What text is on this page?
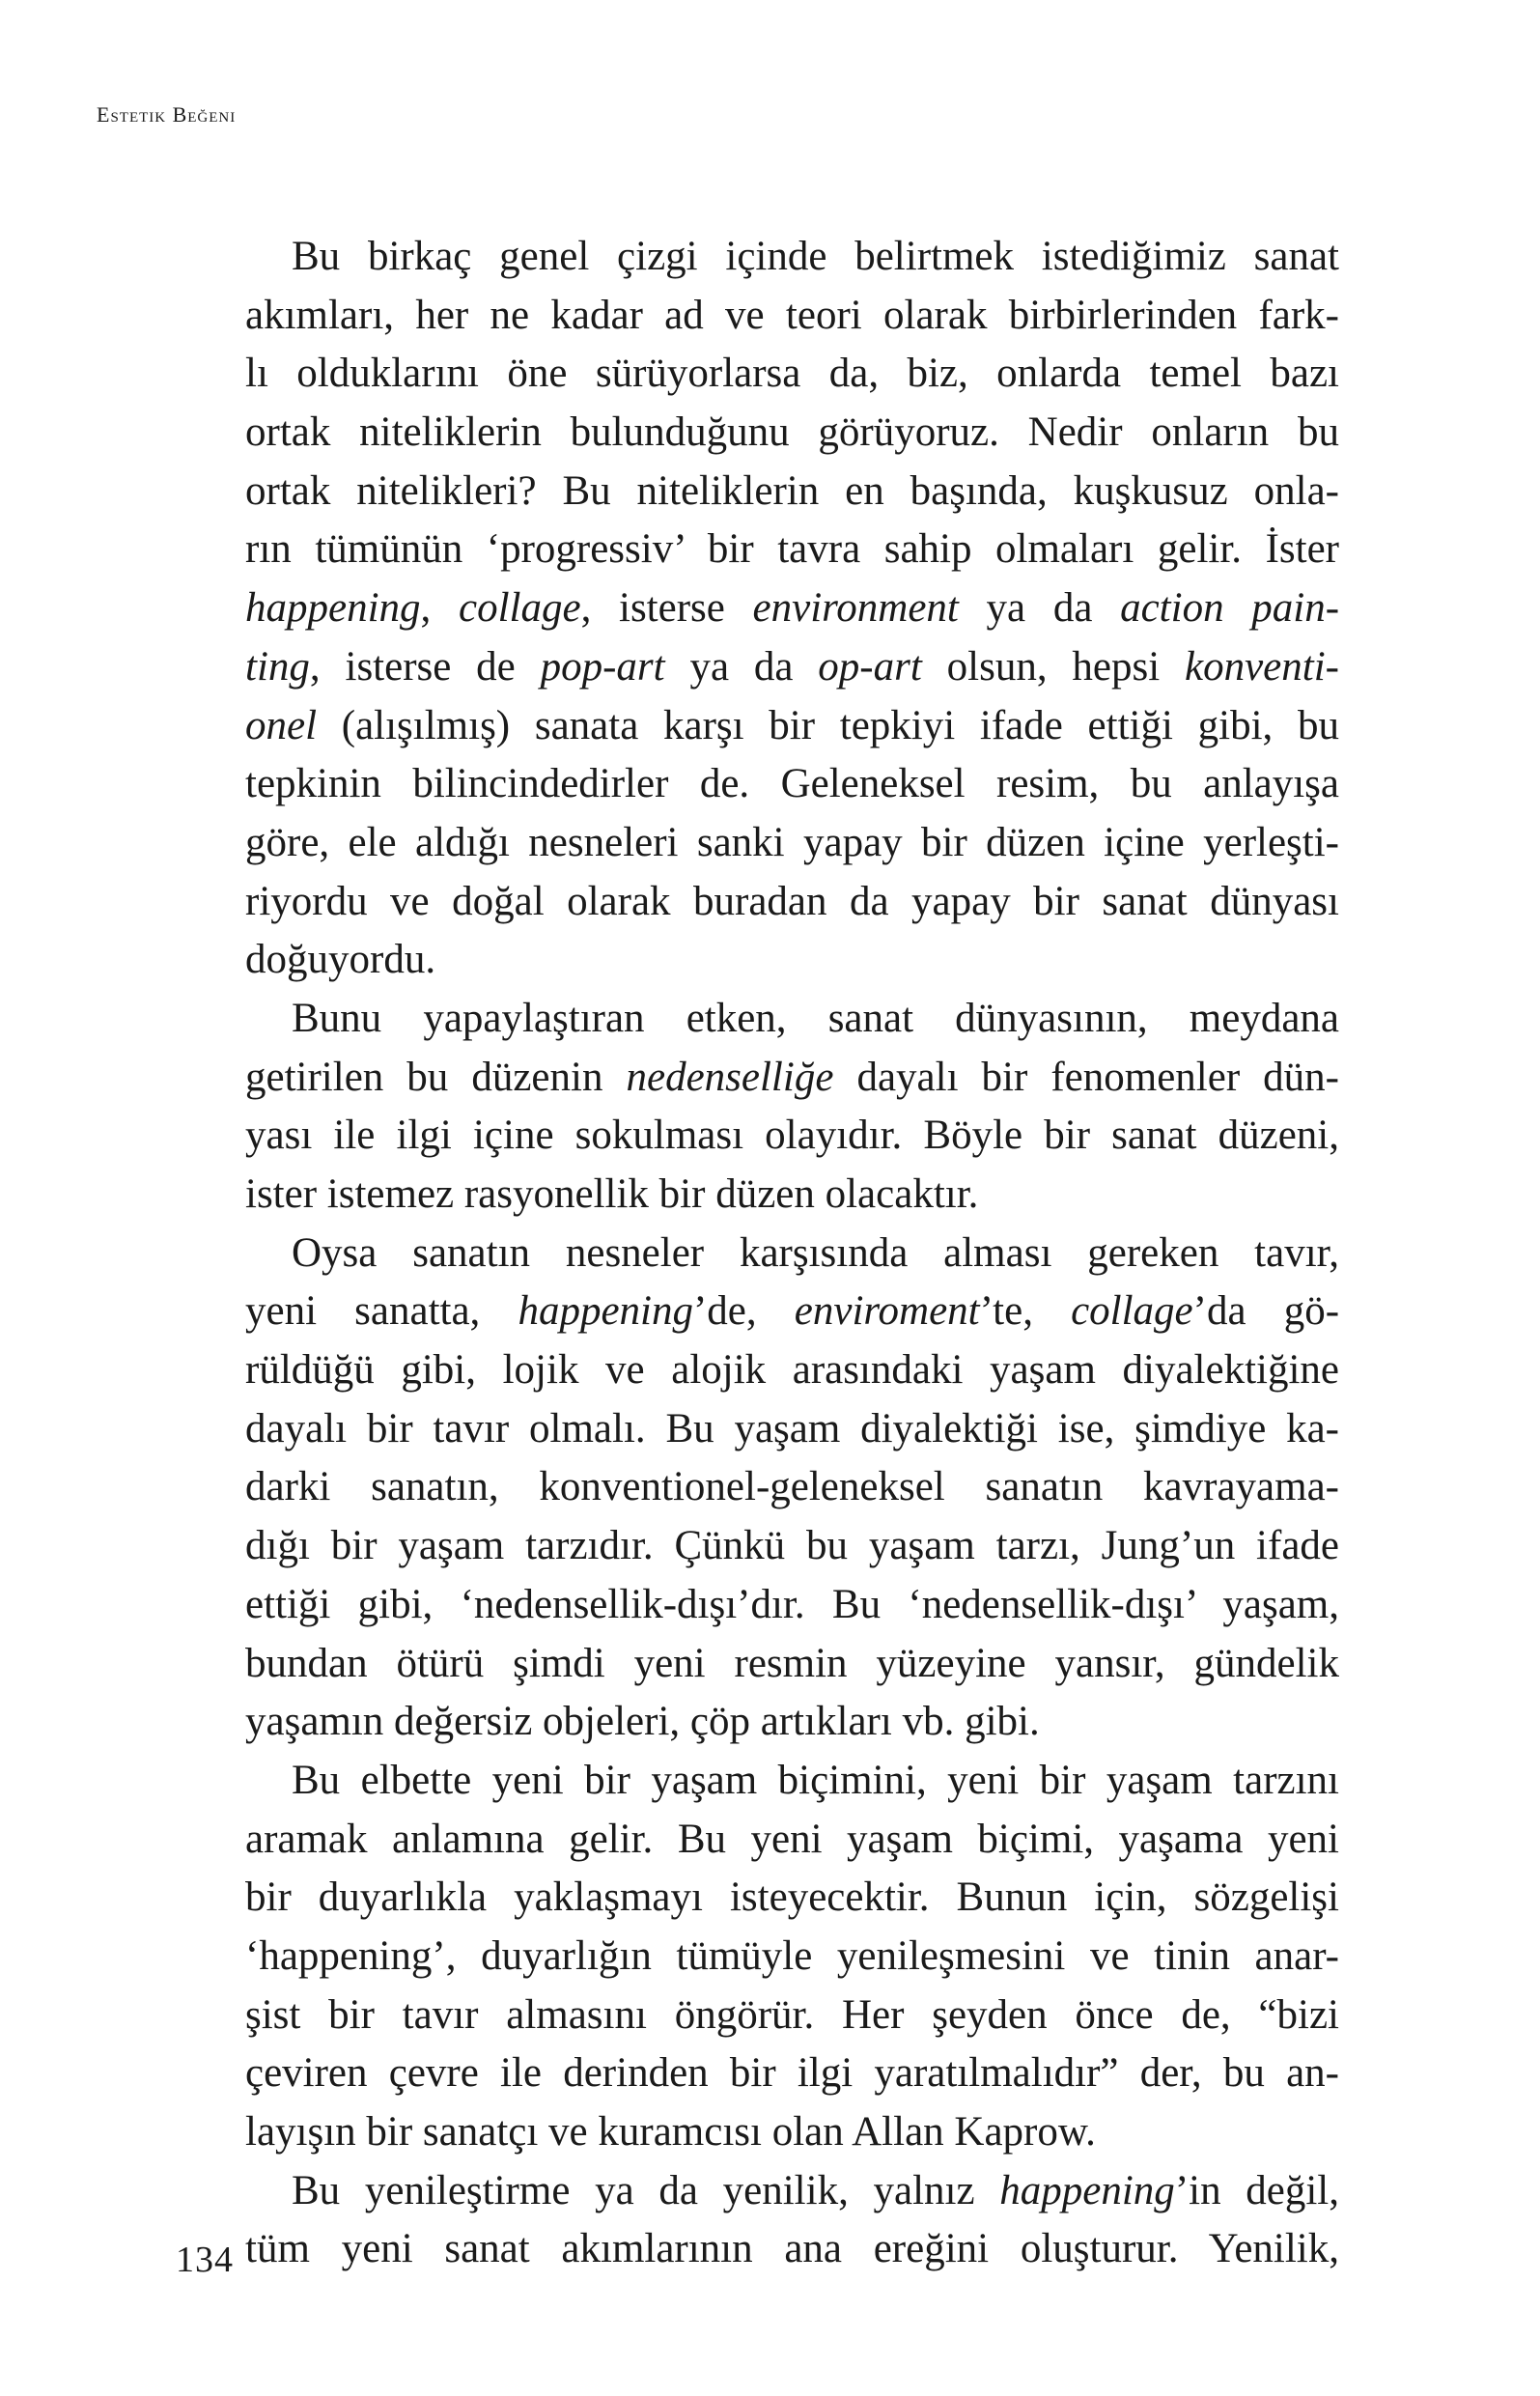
Estetik Beğeni
Bu birkaç genel çizgi içinde belirtmek istediğimiz sanat
akımları, her ne kadar ad ve teori olarak birbirlerinden fark-
lı olduklarını öne sürüyorlarsa da, biz, onlarda temel bazı
ortak niteliklerin bulunduğunu görüyoruz. Nedir onların bu
ortak nitelikleri? Bu niteliklerin en başında, kuşkusuz onla-
rın tümünün ‘progressiv’ bir tavra sahip olmaları gelir. İster
happening, collage, isterse environment ya da action pain-
ting, isterse de pop-art ya da op-art olsun, hepsi konventi-
onel (alışılmış) sanata karşı bir tepkiyi ifade ettiği gibi, bu
tepkinin bilincindedirler de. Geleneksel resim, bu anlayışa
göre, ele aldığı nesneleri sanki yapay bir düzen içine yerleşti-
riyordu ve doğal olarak buradan da yapay bir sanat dünyası
doğuyordu.
Bunu yapaylaştıran etken, sanat dünyasının, meydana
getirilen bu düzenin nedenselliğe dayalı bir fenomenler dün-
yası ile ilgi içine sokulması olayıdır. Böyle bir sanat düzeni,
ister istemez rasyonellik bir düzen olacaktır.
Oysa sanatın nesneler karşısında alması gereken tavır,
yeni sanatta, happening’de, enviroment’te, collage’da gö-
rüldüğü gibi, lojik ve alojik arasındaki yaşam diyalektiğine
dayalı bir tavır olmalı. Bu yaşam diyalektiği ise, şimdiye ka-
darki sanatın, konventionel-geleneksel sanatın kavrayama-
dığı bir yaşam tarzıdır. Çünkü bu yaşam tarzı, Jung’un ifade
ettiği gibi, ‘nedensellik-dışı’dır. Bu ‘nedensellik-dışı’ yaşam,
bundan ötürü şimdi yeni resmin yüzeyine yansır, gündelik
yaşamın değersiz objeleri, çöp artıkları vb. gibi.
Bu elbette yeni bir yaşam biçimini, yeni bir yaşam tarzını
aramak anlamına gelir. Bu yeni yaşam biçimi, yaşama yeni
bir duyarlıkla yaklaşmayı isteyecektir. Bunun için, sözgelişi
‘happening’, duyarlığın tümüyle yenileşmesini ve tinin anar-
şist bir tavır almasını öngörür. Her şeyden önce de, “bizi
çeviren çevre ile derinden bir ilgi yaratılmalıdır” der, bu an-
layışın bir sanatçı ve kuramcısı olan Allan Kaprow.
Bu yenileştirme ya da yenilik, yalnız happening’in değil,
tüm yeni sanat akımlarının ana ereğini oluşturur. Yenilik,
134
